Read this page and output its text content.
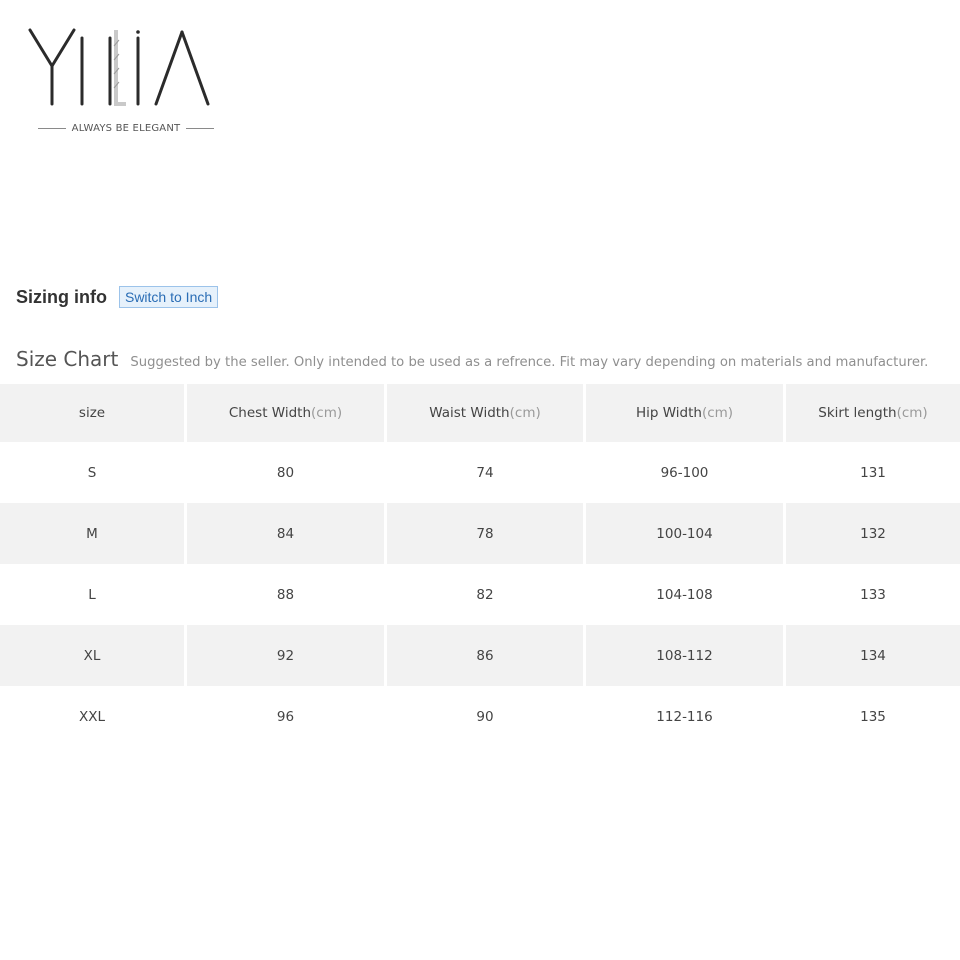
ALWAYS BE ELEGANT
Sizing info	Switch to Inch
Size Chart Suggested by the seller. Only intended to be used as a refrence. Fit may vary depending on materials and manufacturer.
size	Chest Width(cm)	Waist Width(cm)	Hip Width(cm)	Skirt length(cm)
S	80	74	96-100	131
M	84	78	100-104	132
L	88	82	104-108	133
XL	92	86	108-112	134
XXL	96	90	112-116	135
